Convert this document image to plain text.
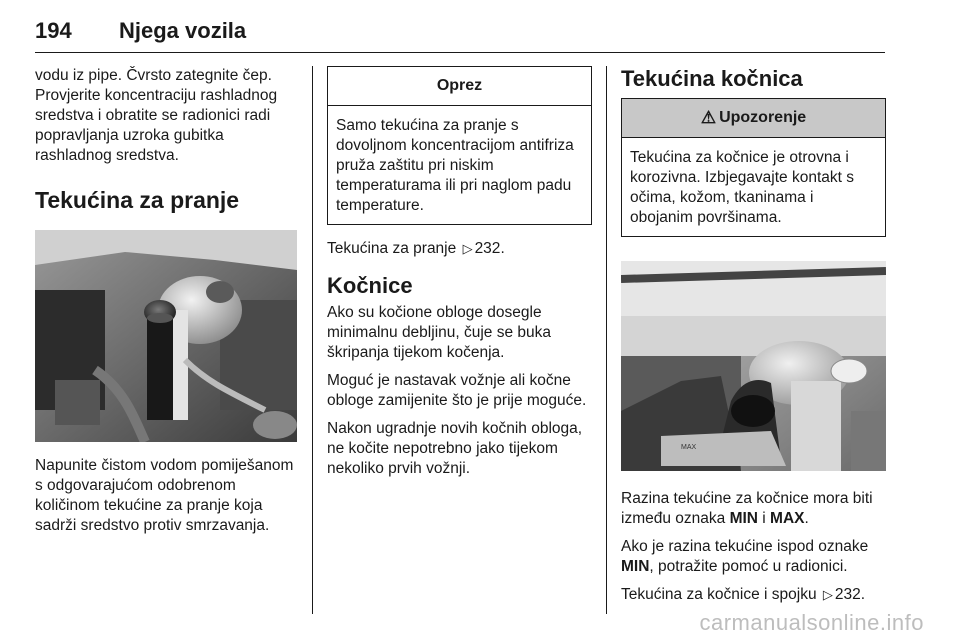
194 Njega vozila

vodu iz pipe. Čvrsto zategnite čep. Provjerite koncentraciju rashladnog sredstva i obratite se radionici radi popravljanja uzroka gubitka rashladnog sredstva.

Tekućina za pranje

Napunite čistom vodom pomiješanom s odgovarajućom odobrenom količinom tekućine za pranje koja sadrži sredstvo protiv smrzavanja.

Oprez
Samo tekućina za pranje s dovoljnom koncentracijom antifriza pruža zaštitu pri niskim temperaturama ili pri naglom padu temperature.

Tekućina za pranje ▷ 232.

Kočnice

Ako su kočione obloge dosegle minimalnu debljinu, čuje se buka škripanja tijekom kočenja.

Moguć je nastavak vožnje ali kočne obloge zamijenite što je prije moguće.

Nakon ugradnje novih kočnih obloga, ne kočite nepotrebno jako tijekom nekoliko prvih vožnji.

Tekućina kočnica
⚠ Upozorenje
Tekućina za kočnice je otrovna i korozivna. Izbjegavajte kontakt s očima, kožom, tkaninama i obojanim površinama.
MAX

Razina tekućine za kočnice mora biti između oznaka MIN i MAX.

Ako je razina tekućine ispod oznake MIN, potražite pomoć u radionici.

Tekućina za kočnice i spojku ▷ 232.

carmanualsonline.info
